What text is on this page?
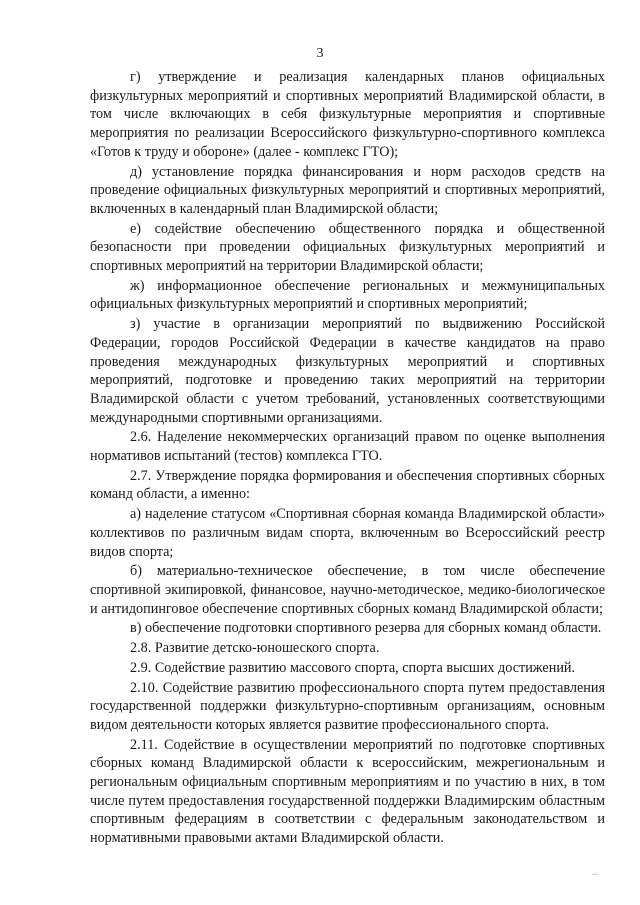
3

г) утверждение и реализация календарных планов официальных физкультурных мероприятий и спортивных мероприятий Владимирской области, в том числе включающих в себя физкультурные мероприятия и спортивные мероприятия по реализации Всероссийского физкультурно-спортивного комплекса «Готов к труду и обороне» (далее - комплекс ГТО);

д) установление порядка финансирования и норм расходов средств на проведение официальных физкультурных мероприятий и спортивных мероприятий, включенных в календарный план Владимирской области;

е) содействие обеспечению общественного порядка и общественной безопасности при проведении официальных физкультурных мероприятий и спортивных мероприятий на территории Владимирской области;

ж) информационное обеспечение региональных и межмуниципальных официальных физкультурных мероприятий и спортивных мероприятий;

з) участие в организации мероприятий по выдвижению Российской Федерации, городов Российской Федерации в качестве кандидатов на право проведения международных физкультурных мероприятий и спортивных мероприятий, подготовке и проведению таких мероприятий на территории Владимирской области с учетом требований, установленных соответствующими международными спортивными организациями.

2.6. Наделение некоммерческих организаций правом по оценке выполнения нормативов испытаний (тестов) комплекса ГТО.

2.7. Утверждение порядка формирования и обеспечения спортивных сборных команд области, а именно:

а) наделение статусом «Спортивная сборная команда Владимирской области» коллективов по различным видам спорта, включенным во Всероссийский реестр видов спорта;

б) материально-техническое обеспечение, в том числе обеспечение спортивной экипировкой, финансовое, научно-методическое, медико-биологическое и антидопинговое обеспечение спортивных сборных команд Владимирской области;

в) обеспечение подготовки спортивного резерва для сборных команд области.

2.8. Развитие детско-юношеского спорта.

2.9. Содействие развитию массового спорта, спорта высших достижений.

2.10. Содействие развитию профессионального спорта путем предоставления государственной поддержки физкультурно-спортивным организациям, основным видом деятельности которых является развитие профессионального спорта.

2.11. Содействие в осуществлении мероприятий по подготовке спортивных сборных команд Владимирской области к всероссийским, межрегиональным и региональным официальным спортивным мероприятиям и по участию в них, в том числе путем предоставления государственной поддержки Владимирским областным спортивным федерациям в соответствии с федеральным законодательством и нормативными правовыми актами Владимирской области.

‸‸
